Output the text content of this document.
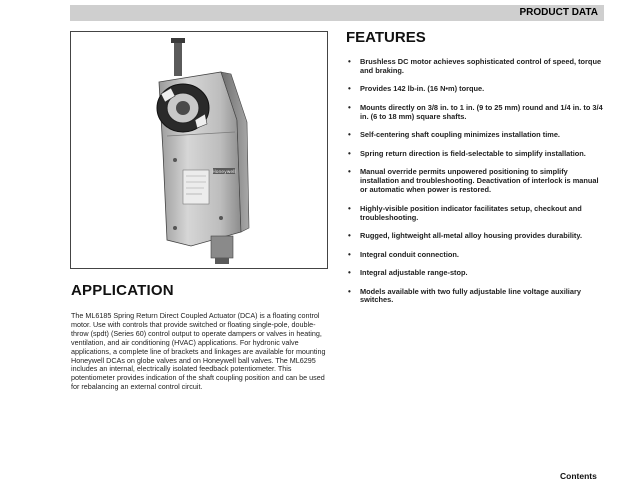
PRODUCT DATA
Honeywell
APPLICATION
The ML6185 Spring Return Direct Coupled Actuator (DCA) is a floating control motor. Use with controls that provide switched or floating single-pole, double-throw (spdt) (Series 60) control output to operate dampers or valves in heating, ventilation, and air conditioning (HVAC) applications. For hydronic valve applications, a complete line of brackets and linkages are available for mounting Honeywell DCAs on globe valves and on Honeywell ball valves. The ML6295 includes an internal, electrically isolated feedback potentiometer. This potentiometer provides indication of the shaft coupling position and can be used for rebalancing an external control circuit.
FEATURES
• Brushless DC motor achieves sophisticated control of speed, torque and braking.
• Provides 142 lb-in. (16 N•m) torque.
• Mounts directly on 3/8 in. to 1 in. (9 to 25 mm) round and 1/4 in. to 3/4 in. (6 to 18 mm) square shafts.
• Self-centering shaft coupling minimizes installation time.
• Spring return direction is field-selectable to simplify installation.
• Manual override permits unpowered positioning to simplify installation and troubleshooting. Deactivation of interlock is manual or automatic when power is restored.
• Highly-visible position indicator facilitates setup, checkout and troubleshooting.
• Rugged, lightweight all-metal alloy housing provides durability.
• Integral conduit connection.
• Integral adjustable range-stop.
• Models available with two fully adjustable line voltage auxiliary switches.
Contents
